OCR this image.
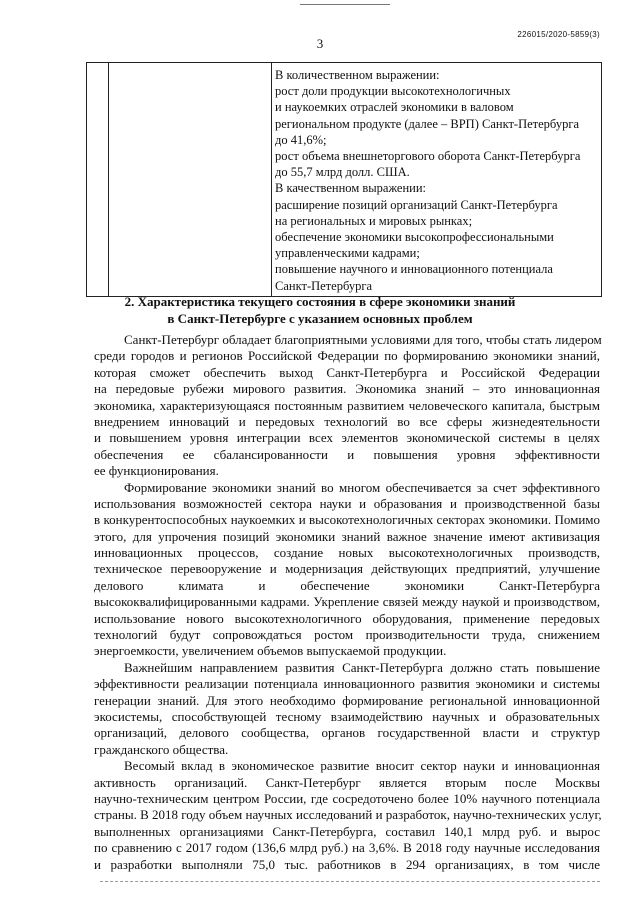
226015/2020-5859(3)
3

В количественном выражении:
рост доли продукции высокотехнологичных
и наукоемких отраслей экономики в валовом
региональном продукте (далее – ВРП) Санкт-Петербурга
до 41,6%;
рост объема внешнеторгового оборота Санкт-Петербурга
до 55,7 млрд долл. США.
В качественном выражении:
расширение позиций организаций Санкт-Петербурга
на региональных и мировых рынках;
обеспечение экономики высокопрофессиональными
управленческими кадрами;
повышение научного и инновационного потенциала
Санкт-Петербурга
2. Характеристика текущего состояния в сфере экономики знаний
в Санкт-Петербурге с указанием основных проблем
Санкт-Петербург обладает благоприятными условиями для того, чтобы стать лидером
среди городов и регионов Российской Федерации по формированию экономики знаний,
которая сможет обеспечить выход Санкт-Петербурга и Российской Федерации
на передовые рубежи мирового развития. Экономика знаний – это инновационная
экономика, характеризующаяся постоянным развитием человеческого капитала, быстрым
внедрением инноваций и передовых технологий во все сферы жизнедеятельности
и повышением уровня интеграции всех элементов экономической системы в целях
обеспечения ее сбалансированности и повышения уровня эффективности
ее функционирования.
Формирование экономики знаний во многом обеспечивается за счет эффективного
использования возможностей сектора науки и образования и производственной базы
в конкурентоспособных наукоемких и высокотехнологичных секторах экономики. Помимо
этого, для упрочения позиций экономики знаний важное значение имеют активизация
инновационных процессов, создание новых высокотехнологичных производств,
техническое перевооружение и модернизация действующих предприятий, улучшение
делового климата и обеспечение экономики Санкт-Петербурга
высококвалифицированными кадрами. Укрепление связей между наукой и производством,
использование нового высокотехнологичного оборудования, применение передовых
технологий будут сопровождаться ростом производительности труда, снижением
энергоемкости, увеличением объемов выпускаемой продукции.
Важнейшим направлением развития Санкт-Петербурга должно стать повышение
эффективности реализации потенциала инновационного развития экономики и системы
генерации знаний. Для этого необходимо формирование региональной инновационной
экосистемы, способствующей тесному взаимодействию научных и образовательных
организаций, делового сообщества, органов государственной власти и структур
гражданского общества.
Весомый вклад в экономическое развитие вносит сектор науки и инновационная
активность организаций. Санкт-Петербург является вторым после Москвы
научно-техническим центром России, где сосредоточено более 10% научного потенциала
страны. В 2018 году объем научных исследований и разработок, научно-технических услуг,
выполненных организациями Санкт-Петербурга, составил 140,1 млрд руб. и вырос
по сравнению с 2017 годом (136,6 млрд руб.) на 3,6%. В 2018 году научные исследования
и разработки выполняли 75,0 тыс. работников в 294 организациях, в том числе
